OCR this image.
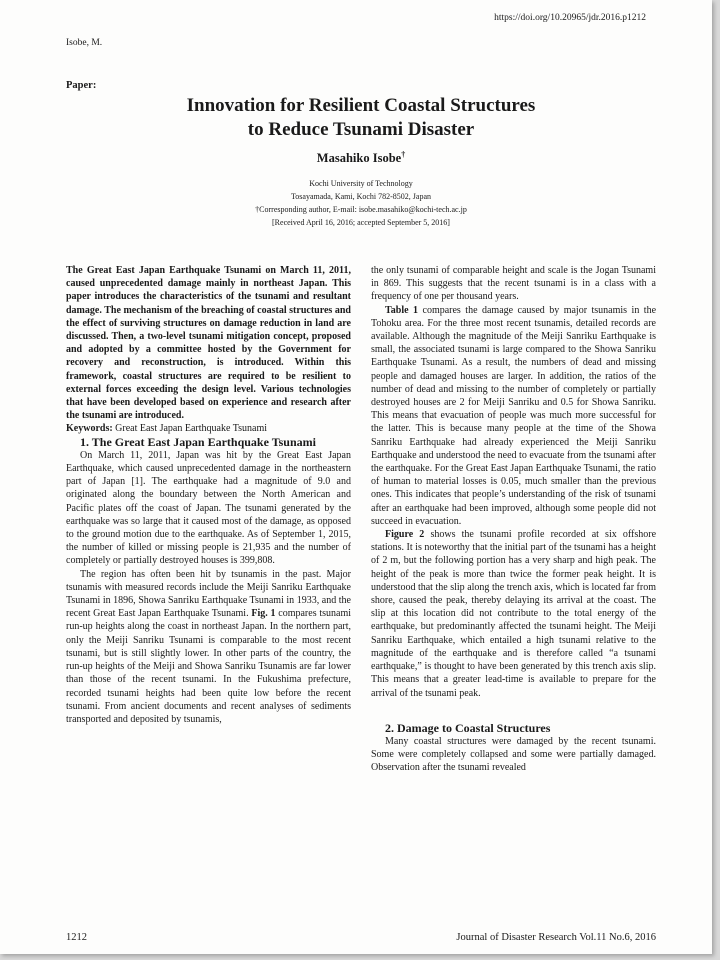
https://doi.org/10.20965/jdr.2016.p1212
Isobe, M.
Paper:
Innovation for Resilient Coastal Structures
to Reduce Tsunami Disaster
Masahiko Isobe†
Kochi University of Technology
Tosayamada, Kami, Kochi 782-8502, Japan
†Corresponding author, E-mail: isobe.masahiko@kochi-tech.ac.jp
[Received April 16, 2016; accepted September 5, 2016]

The Great East Japan Earthquake Tsunami on March 11, 2011, caused unprecedented damage mainly in northeast Japan. This paper introduces the characteristics of the tsunami and resultant damage. The mechanism of the breaching of coastal structures and the effect of surviving structures on damage reduction in land are discussed. Then, a two-level tsunami mitigation concept, proposed and adopted by a committee hosted by the Government for recovery and reconstruction, is introduced. Within this framework, coastal structures are required to be resilient to external forces exceeding the design level. Various technologies that have been developed based on experience and research after the tsunami are introduced.

Keywords: Great East Japan Earthquake Tsunami

1. The Great East Japan Earthquake Tsunami

On March 11, 2011, Japan was hit by the Great East Japan Earthquake, which caused unprecedented damage in the northeastern part of Japan [1]. The earthquake had a magnitude of 9.0 and originated along the boundary between the North American and Pacific plates off the coast of Japan. The tsunami generated by the earthquake was so large that it caused most of the damage, as opposed to the ground motion due to the earthquake. As of September 1, 2015, the number of killed or missing people is 21,935 and the number of completely or partially destroyed houses is 399,808.

The region has often been hit by tsunamis in the past. Major tsunamis with measured records include the Meiji Sanriku Earthquake Tsunami in 1896, Showa Sanriku Earthquake Tsunami in 1933, and the recent Great East Japan Earthquake Tsunami. Fig. 1 compares tsunami run-up heights along the coast in northeast Japan. In the northern part, only the Meiji Sanriku Tsunami is comparable to the most recent tsunami, but is still slightly lower. In other parts of the country, the run-up heights of the Meiji and Showa Sanriku Tsunamis are far lower than those of the recent tsunami. In the Fukushima prefecture, recorded tsunami heights had been quite low before the recent tsunami. From ancient documents and recent analyses of sediments transported and deposited by tsunamis,

the only tsunami of comparable height and scale is the Jogan Tsunami in 869. This suggests that the recent tsunami is in a class with a frequency of one per thousand years.

Table 1 compares the damage caused by major tsunamis in the Tohoku area. For the three most recent tsunamis, detailed records are available. Although the magnitude of the Meiji Sanriku Earthquake is small, the associated tsunami is large compared to the Showa Sanriku Earthquake Tsunami. As a result, the numbers of dead and missing people and damaged houses are larger. In addition, the ratios of the number of dead and missing to the number of completely or partially destroyed houses are 2 for Meiji Sanriku and 0.5 for Showa Sanriku. This means that evacuation of people was much more successful for the latter. This is because many people at the time of the Showa Sanriku Earthquake had already experienced the Meiji Sanriku Earthquake and understood the need to evacuate from the tsunami after the earthquake. For the Great East Japan Earthquake Tsunami, the ratio of human to material losses is 0.05, much smaller than the previous ones. This indicates that people’s understanding of the risk of tsunami after an earthquake had been improved, although some people did not succeed in evacuation.

Figure 2 shows the tsunami profile recorded at six offshore stations. It is noteworthy that the initial part of the tsunami has a height of 2 m, but the following portion has a very sharp and high peak. The height of the peak is more than twice the former peak height. It is understood that the slip along the trench axis, which is located far from shore, caused the peak, thereby delaying its arrival at the coast. The slip at this location did not contribute to the total energy of the earthquake, but predominantly affected the tsunami height. The Meiji Sanriku Earthquake, which entailed a high tsunami relative to the magnitude of the earthquake and is therefore called “a tsunami earthquake,” is thought to have been generated by this trench axis slip. This means that a greater lead-time is available to prepare for the arrival of the tsunami peak.

2. Damage to Coastal Structures

Many coastal structures were damaged by the recent tsunami. Some were completely collapsed and some were partially damaged. Observation after the tsunami revealed

1212	Journal of Disaster Research Vol.11 No.6, 2016
